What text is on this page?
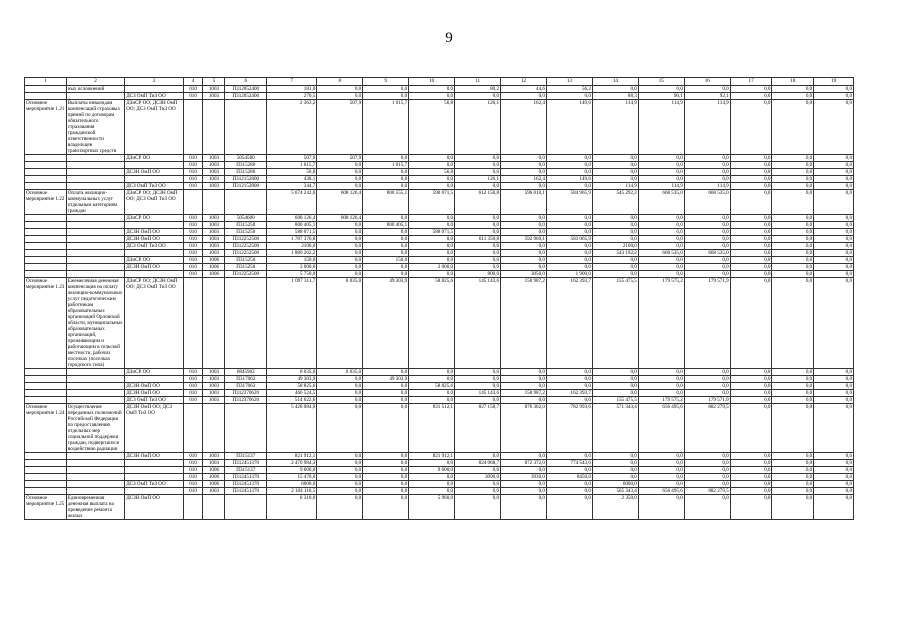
9
1	2	3	4	5	6	7	8	9	10	11	12	13	14	15	16	17	18	19
	ных осложнений		010	1003	П312052400	181,0	0,0	0,0	0,0	80,2	44,6	56,2	0,0	0,0	0,0	0,0	0,0	0,0
		ДСЗ ОмП ТиЗ ОО	010	1003	П312052400	270,5	0,0	0,0	0,0	0,0	0,0	0,0	88,3	90,1	92,1	0,0	0,0	0,0
Основное мероприятие 1.21	Выплаты инвалидам компенсаций страховых премий по договорам обязательного страхования гражданской ответственности владельцев транспортных средств	ДЗиСР ОО; ДСЗН ОмП ОО; ДСЗ ОмП ТиЗ ОО				2 363,2	507,9	1 015,7	56,8	126,1	162,4	149,6	114,9	114,9	114,9	0,0	0,0	0,0
		ДЗиСР ОО	010	1003	5054500	507,9	507,9	0,0	0,0	0,0	0,0	0,0	0,0	0,0	0,0	0,0	0,0	0,0
			010	1003	П315280	1 015,7	0,0	1 015,7	0,0	0,0	0,0	0,0	0,0	0,0	0,0	0,0	0,0	0,0
		ДСЗН ОмП ОО	010	1003	П315280	56,8	0,0	0,0	56,8	0,0	0,0	0,0	0,0	0,0	0,0	0,0	0,0	0,0
			010	1003	П312152800	438,1	0,0	0,0	0,0	126,1	162,4	149,6	0,0	0,0	0,0	0,0	0,0	0,0
		ДСЗ ОмП ТиЗ ОО	010	1003	П312152800	344,7	0,0	0,0	0,0	0,0	0,0	0,0	114,9	114,9	114,9	0,0	0,0	0,0
Основное мероприятие 1.22	Оплата жилищно-коммунальных услуг отдельным категориям граждан	ДЗиСР ОО; ДСЗН ОмП ОО; ДСЗ ОмП ТиЗ ОО				5 674 242,0	608 126,4	800 555,1	590 071,5	612 150,8	596 010,1	584 965,9	545 292,2	668 535,0	668 535,0	0,0	0,0	0,0
		ДЗиСР ОО	010	1003	5054600	608 126,4	608 126,4	0,0	0,0	0,0	0,0	0,0	0,0	0,0	0,0	0,0	0,0	0,0
			010	1003	П315250	800 405,1	0,0	800 405,1	0,0	0,0	0,0	0,0	0,0	0,0	0,0	0,0	0,0	0,0
		ДСЗН ОмП ОО	010	1003	П315250	588 071,5	0,0	0,0	588 071,5	0,0	0,0	0,0	0,0	0,0	0,0	0,0	0,0	0,0
		ДСЗН ОмП ОО	010	1003	П312252500	1 787 376,8	0,0	0,0	0,0	611 350,8	592 960,1	583 065,9	0,0	0,0	0,0	0,0	0,0	0,0
		ДСЗ ОмП ТиЗ ОО	010	1003	П312252500	2100,0	0,0	0,0	0,0	0,0	0,0	0,0	2100,0	0,0	0,0	0,0	0,0	0,0
			010	1003	П312252500	1 880 262,2	0,0	0,0	0,0	0,0	0,0	0,0	543 192,2	668 535,0	668 535,0	0,0	0,0	0,0
		ДЗиСР ОО	010	1006	П315250	150,0	0,0	150,0	0,0	0,0	0,0	0,0	0,0	0,0	0,0	0,0	0,0	0,0
		ДСЗН ОмП ОО	010	1006	П315250	2 000,0	0,0	0,0	2 000,0	0,0	0,0	0,0	0,0	0,0	0,0	0,0	0,0	0,0
			010	1006	П312252500	5 750,0	0,0	0,0	0,0	800,0	3050,0	1 900,0	0,0	0,0	0,0	0,0	0,0	0,0
Основное мероприятие 1.23	Ежемесячная денежная компенсация на оплату жилищно-коммунальных услуг педагогическим работникам образовательных организаций Орловской области, муниципальных образовательных организаций, проживающим и работающим в сельской местности, рабочих поселках (поселках городского типа)	ДЗиСР ОО; ДСЗН ОмП ОО; ДСЗ ОмП ТиЗ ОО				1 097 311,7	8 035,0	49 303,9	58 825,6	145 143,6	158 987,2	162 393,7	155 475,5	179 575,2	179 571,9	0,0	0,0	0,0
		ДЗиСР ОО	010	1003	6845902	8 035,0	8 035,0	0,0	0,0	0,0	0,0	0,0	0,0	0,0	0,0	0,0	0,0	0,0
			010	1003	П317062	49 303,9	0,0	49 303,9	0,0	0,0	0,0	0,0	0,0	0,0	0,0	0,0	0,0	0,0
		ДСЗН ОмП ОО	010	1003	П317062	58 825,6	0,0	0,0	58 825,6	0,0	0,0	0,0	0,0	0,0	0,0	0,0	0,0	0,0
		ДСЗН ОмП ОО	010	1003	П312370620	466 524,5	0,0	0,0	0,0	145 143,6	158 987,2	162 393,7	0,0	0,0	0,0	0,0	0,0	0,0
		ДСЗ ОмП ТиЗ ОО	010	1003	П312370620	514 622,6	0,0	0,0	0,0	0,0	0,0	0,0	155 475,5	179 575,2	179 571,9	0,0	0,0	0,0
Основное мероприятие 1.24	Осуществление переданных полномочий Российской Федерации по предоставлению отдельных мер социальной поддержки граждан, подвергшихся воздействию радиации	ДСЗН ОмП ОО; ДСЗ ОмП ТиЗ ОО				5 428 084,9	0,0	0,0	831 512,1	827 158,7	876 302,0	782 993,6	571 343,4	656 495,6	882 279,5	0,0	0,0	0,0
		ДСЗН ОмП ОО	010	1003	П315137	821 912,1	0,0	0,0	821 912,1	0,0	0,0	0,0	0,0	0,0	0,0	0,0	0,0	0,0
			010	1003	П312451370	2 470 984,3	0,0	0,0	0,0	824 068,7	872 372,0	774 543,6	0,0	0,0	0,0	0,0	0,0	0,0
			010	1006	П315137	9 600,0	0,0	0,0	9 600,0	0,0	0,0	0,0	0,0	0,0	0,0	0,0	0,0	0,0
			010	1006	П312451370	15 470,0	0,0	0,0	0,0	3090,0	3930,0	8450,0	0,0	0,0	0,0	0,0	0,0	0,0
		ДСЗ ОмП ТиЗ ОО	010	1006	П312451370	6000,0	0,0	0,0	0,0	0,0	0,0	0,0	6000,0	0,0	0,0	0,0	0,0	0,0
			010	1003	П312451370	2 104 118,5	0,0	0,0	0,0	0,0	0,0	0,0	565 343,4	656 495,6	882 279,5	0,0	0,0	0,0
Основное мероприятие 1.25	Единовременная денежная выплата на проведение ремонта жилых	ДСЗН ОмП ОО				8 310,0	0,0	0,0	5 960,0	0,0	0,0	0,0	2 350,0	0,0	0,0	0,0	0,0	0,0
